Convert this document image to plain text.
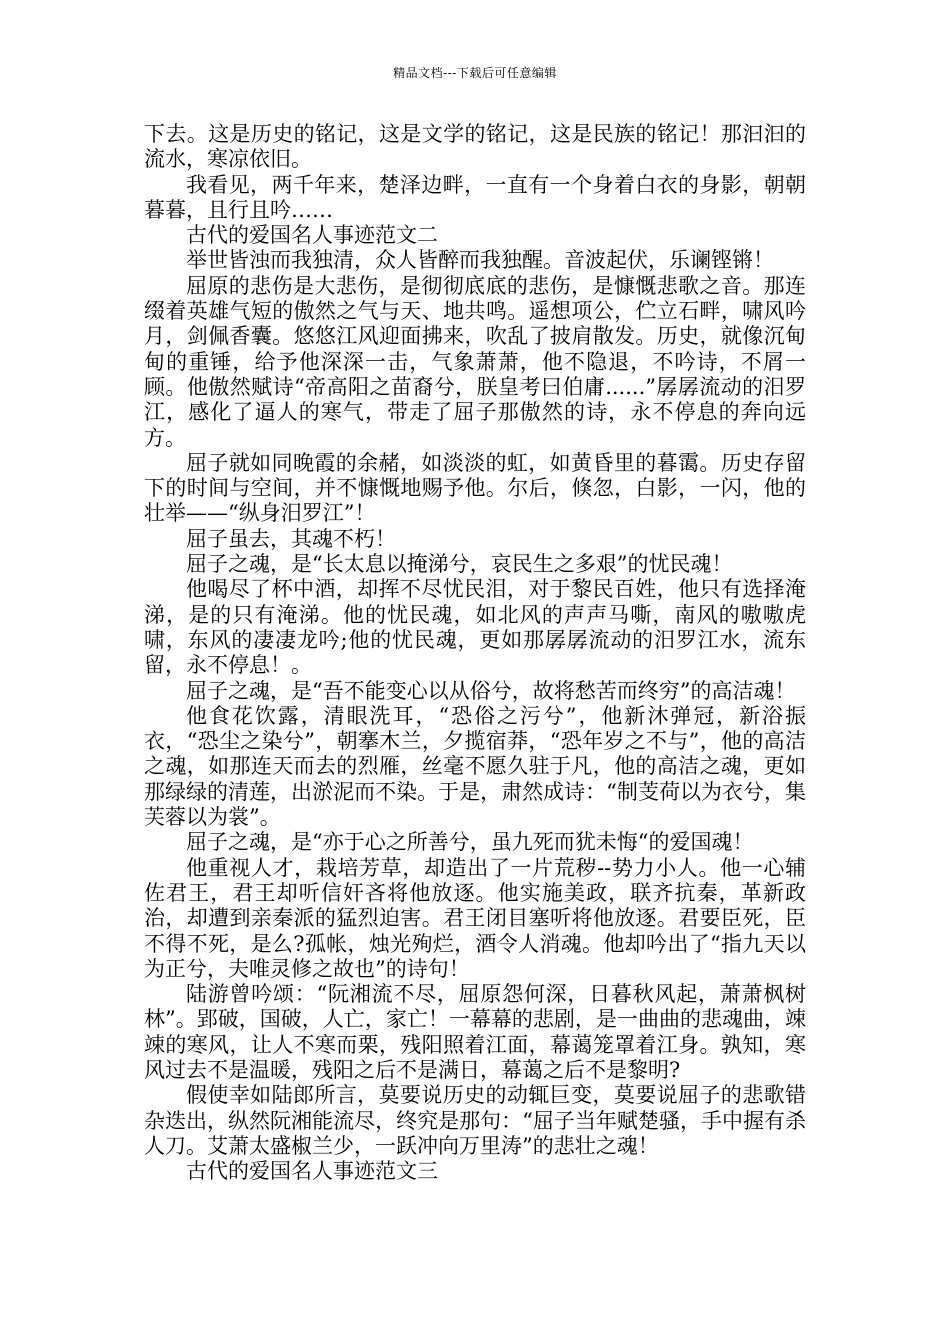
精品文档---下载后可任意编辑

下去。这是历史的铭记，这是文学的铭记，这是民族的铭记！那汩汩的流水，寒凉依旧。

我看见，两千年来，楚泽边畔，一直有一个身着白衣的身影，朝朝暮暮，且行且吟……

古代的爱国名人事迹范文二

举世皆浊而我独清，众人皆醉而我独醒。音波起伏，乐谰铿锵！

屈原的悲伤是大悲伤，是彻彻底底的悲伤，是慷慨悲歌之音。那连缀着英雄气短的傲然之气与天、地共鸣。遥想项公，伫立石畔，啸风吟月，剑佩香囊。悠悠江风迎面拂来，吹乱了披肩散发。历史，就像沉甸甸的重锤，给予他深深一击，气象萧萧，他不隐退，不吟诗，不屑一顾。他傲然赋诗“帝高阳之苗裔兮，朕皇考曰伯庸......”孱孱流动的汨罗江，感化了逼人的寒气，带走了屈子那傲然的诗，永不停息的奔向远方。

屈子就如同晚霞的余赭，如淡淡的虹，如黄昏里的暮霭。历史存留下的时间与空间，并不慷慨地赐予他。尔后，倏忽，白影，一闪，他的壮举——“纵身汨罗江”！

屈子虽去，其魂不朽！

屈子之魂，是“长太息以掩涕兮，哀民生之多艰”的忧民魂！

他喝尽了杯中酒，却挥不尽忧民泪，对于黎民百姓，他只有选择淹涕，是的只有淹涕。他的忧民魂，如北风的声声马嘶，南风的嗷嗷虎啸，东风的凄凄龙吟;他的忧民魂，更如那孱孱流动的汨罗江水，流东留，永不停息！。

屈子之魂，是“吾不能变心以从俗兮，故将愁苦而终穷”的高洁魂！

他食花饮露，清眼洗耳，“恐俗之污兮”，他新沐弹冠，新浴振衣，“恐尘之染兮”，朝搴木兰，夕揽宿莽，“恐年岁之不与”，他的高洁之魂，如那连天而去的烈雁，丝毫不愿久驻于凡，他的高洁之魂，更如那绿绿的清莲，出淤泥而不染。于是，肃然成诗：“制芰荷以为衣兮，集芙蓉以为裳”。

屈子之魂，是“亦于心之所善兮，虽九死而犹未悔“的爱国魂！

他重视人才，栽培芳草，却造出了一片荒秽--势力小人。他一心辅佐君王，君王却听信奸吝将他放逐。他实施美政，联齐抗秦，革新政治，却遭到亲秦派的猛烈迫害。君王闭目塞听将他放逐。君要臣死，臣不得不死，是么?孤帐，烛光殉烂，酒令人消魂。他却吟出了“指九天以为正兮，夫唯灵修之故也”的诗句！

陆游曾吟颂：“阮湘流不尽，屈原怨何深，日暮秋风起，萧萧枫树林”。郢破，国破，人亡，家亡！一幕幕的悲剧，是一曲曲的悲魂曲，竦竦的寒风，让人不寒而栗，残阳照着江面，幕蔼笼罩着江身。孰知，寒风过去不是温暖，残阳之后不是满日，幕蔼之后不是黎明?

假使幸如陆郎所言，莫要说历史的动辄巨变，莫要说屈子的悲歌错杂迭出，纵然阮湘能流尽，终究是那句：“屈子当年赋楚骚，手中握有杀人刀。艾萧太盛椒兰少，一跃冲向万里涛”的悲壮之魂！

古代的爱国名人事迹范文三
